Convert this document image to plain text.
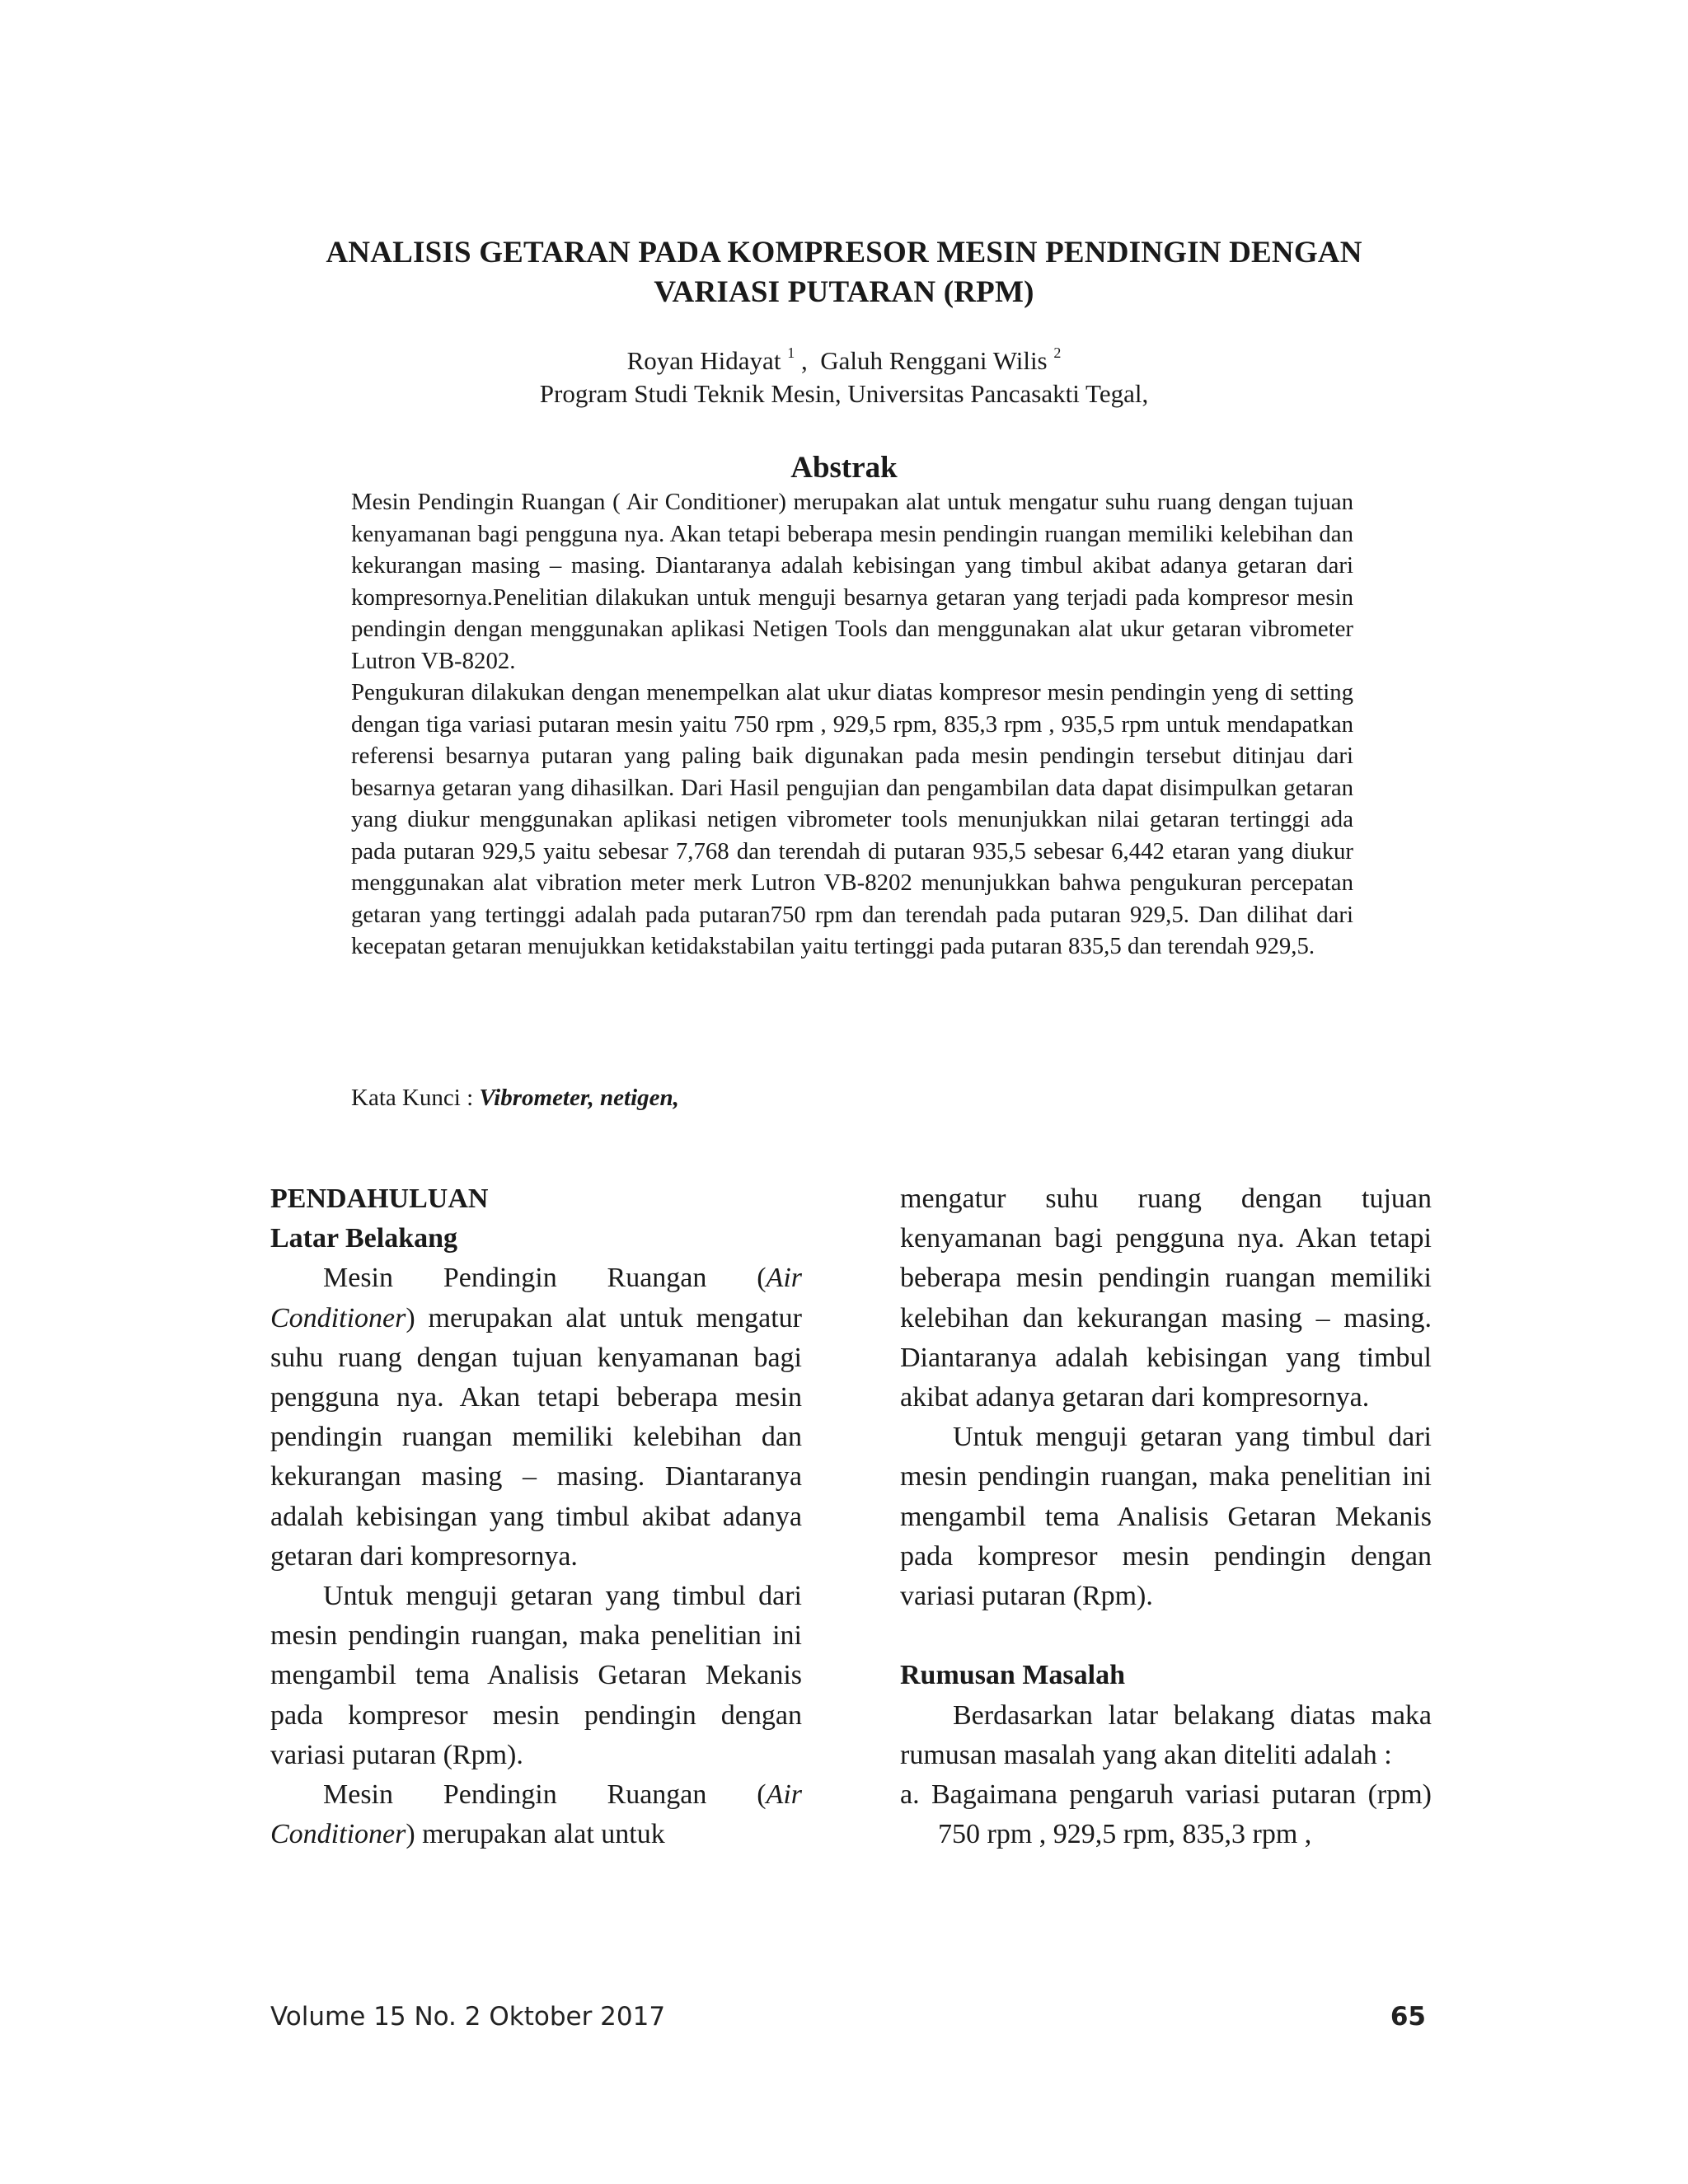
ANALISIS GETARAN PADA KOMPRESOR MESIN PENDINGIN DENGAN
VARIASI PUTARAN (RPM)
Royan Hidayat $^1$ ,  Galuh Renggani Wilis $^2$
Program Studi Teknik Mesin, Universitas Pancasakti Tegal,
Abstrak

Mesin Pendingin Ruangan ( Air Conditioner) merupakan alat untuk mengatur suhu ruang dengan tujuan kenyamanan bagi pengguna nya. Akan tetapi beberapa mesin pendingin ruangan memiliki kelebihan dan kekurangan masing – masing. Diantaranya adalah kebisingan yang timbul akibat adanya getaran dari kompresornya.Penelitian dilakukan untuk menguji besarnya getaran yang terjadi pada kompresor mesin pendingin dengan menggunakan aplikasi Netigen Tools dan menggunakan alat ukur getaran vibrometer Lutron VB-8202.

Pengukuran dilakukan dengan menempelkan alat ukur diatas kompresor mesin pendingin yeng di setting dengan tiga variasi putaran mesin yaitu 750 rpm , 929,5 rpm, 835,3 rpm , 935,5 rpm untuk mendapatkan referensi besarnya putaran yang paling baik digunakan pada mesin pendingin tersebut ditinjau dari besarnya getaran yang dihasilkan. Dari Hasil pengujian dan pengambilan data dapat disimpulkan getaran yang diukur menggunakan aplikasi netigen vibrometer tools menunjukkan nilai getaran tertinggi ada pada putaran 929,5 yaitu sebesar 7,768 dan terendah di putaran 935,5 sebesar 6,442 etaran yang diukur menggunakan alat vibration meter merk Lutron VB-8202 menunjukkan bahwa pengukuran percepatan getaran yang tertinggi adalah pada putaran750 rpm dan terendah pada putaran 929,5. Dan dilihat dari kecepatan getaran menujukkan ketidakstabilan yaitu tertinggi pada putaran 835,5 dan terendah 929,5.

Kata Kunci : Vibrometer, netigen,

PENDAHULUAN

Latar Belakang

Mesin Pendingin Ruangan (Air Conditioner) merupakan alat untuk mengatur suhu ruang dengan tujuan kenyamanan bagi pengguna nya. Akan tetapi beberapa mesin pendingin ruangan memiliki kelebihan dan kekurangan masing – masing. Diantaranya adalah kebisingan yang timbul akibat adanya getaran dari kompresornya.

Untuk menguji getaran yang timbul dari mesin pendingin ruangan, maka penelitian ini mengambil tema Analisis Getaran Mekanis pada kompresor mesin pendingin dengan variasi putaran (Rpm).

Mesin Pendingin Ruangan (Air Conditioner) merupakan alat untuk

mengatur suhu ruang dengan tujuan kenyamanan bagi pengguna nya. Akan tetapi beberapa mesin pendingin ruangan memiliki kelebihan dan kekurangan masing – masing. Diantaranya adalah kebisingan yang timbul akibat adanya getaran dari kompresornya.

Untuk menguji getaran yang timbul dari mesin pendingin ruangan, maka penelitian ini mengambil tema Analisis Getaran Mekanis pada kompresor mesin pendingin dengan variasi putaran (Rpm).

Rumusan Masalah

Berdasarkan latar belakang diatas maka rumusan masalah yang akan diteliti adalah :

a. Bagaimana pengaruh variasi putaran (rpm) 750 rpm , 929,5 rpm, 835,3 rpm ,

Volume 15 No. 2 Oktober 2017	65
